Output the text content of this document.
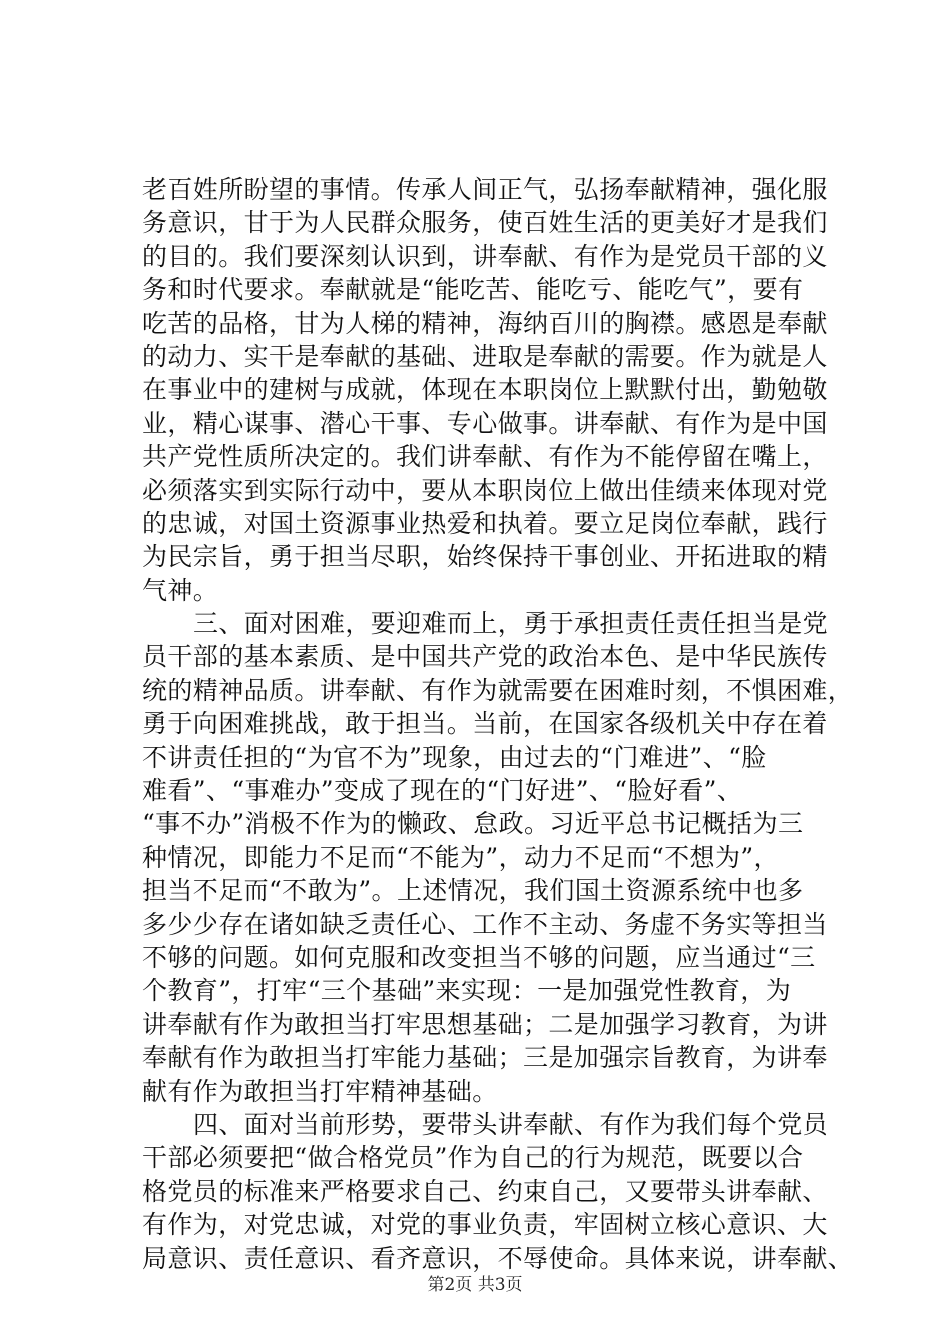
老百姓所盼望的事情。传承人间正气，弘扬奉献精神，强化服
务意识，甘于为人民群众服务，使百姓生活的更美好才是我们
的目的。我们要深刻认识到，讲奉献、有作为是党员干部的义
务和时代要求。奉献就是“能吃苦、能吃亏、能吃气”，要有
吃苦的品格，甘为人梯的精神，海纳百川的胸襟。感恩是奉献
的动力、实干是奉献的基础、进取是奉献的需要。作为就是人
在事业中的建树与成就，体现在本职岗位上默默付出，勤勉敬
业，精心谋事、潜心干事、专心做事。讲奉献、有作为是中国
共产党性质所决定的。我们讲奉献、有作为不能停留在嘴上，
必须落实到实际行动中，要从本职岗位上做出佳绩来体现对党
的忠诚，对国土资源事业热爱和执着。要立足岗位奉献，践行
为民宗旨，勇于担当尽职，始终保持干事创业、开拓进取的精
气神。
三、面对困难，要迎难而上，勇于承担责任责任担当是党
员干部的基本素质、是中国共产党的政治本色、是中华民族传
统的精神品质。讲奉献、有作为就需要在困难时刻，不惧困难，
勇于向困难挑战，敢于担当。当前，在国家各级机关中存在着
不讲责任担的“为官不为”现象，由过去的“门难进”、“脸
难看”、“事难办”变成了现在的“门好进”、“脸好看”、
“事不办”消极不作为的懒政、怠政。习近平总书记概括为三
种情况，即能力不足而“不能为”，动力不足而“不想为”，
担当不足而“不敢为”。上述情况，我们国土资源系统中也多
多少少存在诸如缺乏责任心、工作不主动、务虚不务实等担当
不够的问题。如何克服和改变担当不够的问题，应当通过“三
个教育”，打牢“三个基础”来实现：一是加强党性教育，为
讲奉献有作为敢担当打牢思想基础；二是加强学习教育，为讲
奉献有作为敢担当打牢能力基础；三是加强宗旨教育，为讲奉
献有作为敢担当打牢精神基础。
四、面对当前形势，要带头讲奉献、有作为我们每个党员
干部必须要把“做合格党员”作为自己的行为规范，既要以合
格党员的标准来严格要求自己、约束自己，又要带头讲奉献、
有作为，对党忠诚，对党的事业负责，牢固树立核心意识、大
局意识、责任意识、看齐意识，不辱使命。具体来说，讲奉献、
第2页 共3页
